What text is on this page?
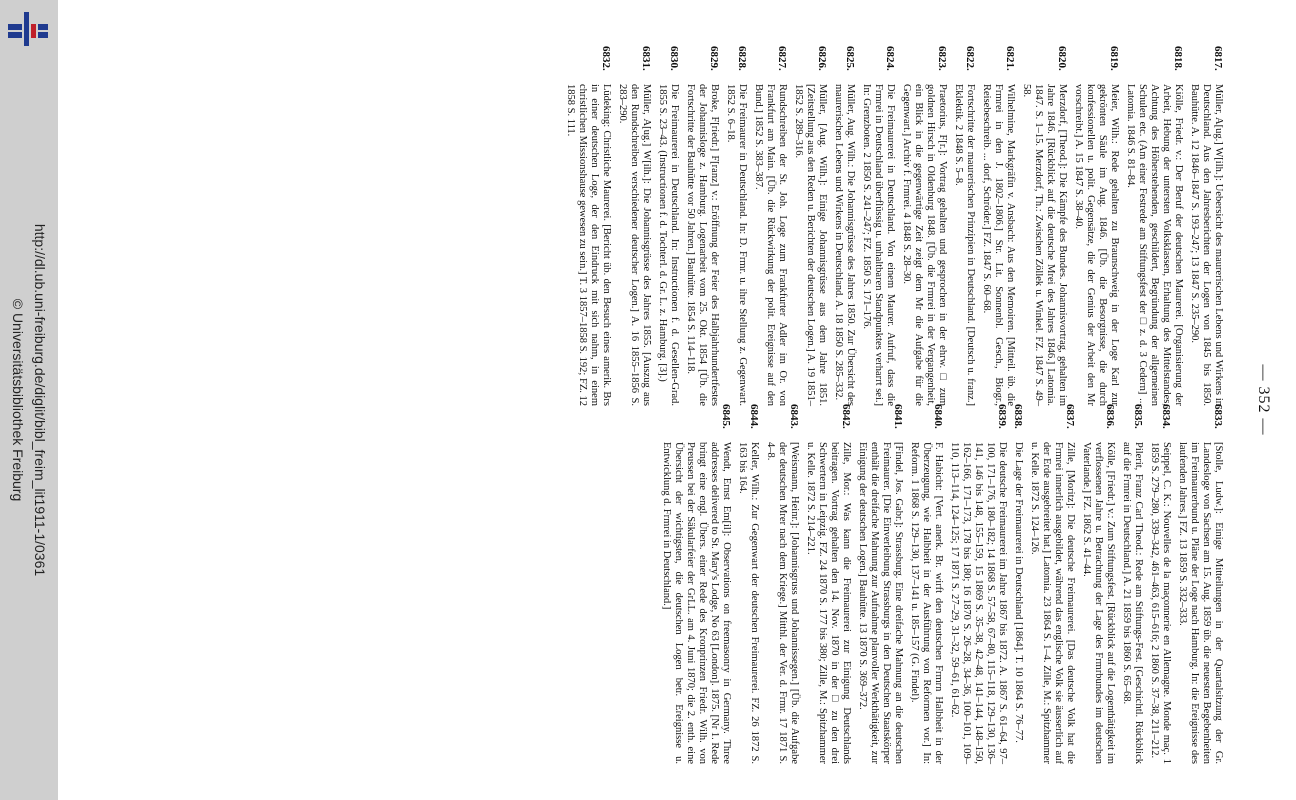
http://dl.ub.uni-freiburg.de/diglit/bibl_freim_lit1911-1/0361
© Universitätsbibliothek Freiburg	— 352 —
6817.
Müller, A[ug.] W[ilh.]: Uebersicht des maurerischen Lebens und Wirkens in Deutschland. Aus den Jahresberichten der Logen von 1845 bis 1850. Bauhütte. A. 12 1846–1847 S. 193–247; 13 1847 S. 235–290.
6818.
Kiölle, Friedr. v.: Der Beruf der deutschen Maurerei. [Organisierung der Arbeit, Hebung der untersten Volksklassen, Erhaltung des Mittelstandes, Achtung des Höherstehenden, geschildert, Begründung der allgemeinen Schulen etc. (Am einer Festrede am Stiftungsfest der □ z. d. 3 Cedern] ... Latomia. 1846 S. 81–84.
6819.
Meier, Wilh.: Rede gehalten zu Braunschweig in der Loge Karl zur gekrönten Säule im Aug. 1846. [Üb. die Besorgnisse, die durch konfessionellen u. polit. Gegensätze, die der Genius der Arbeit den Mr vorschreibt.] A. 15 1847 S. 38–40.
6820.
Merzdorf, [Theod.]: Die Kämpfe des Bundes. Johannisvortrag, gehalten im Jahre 1846. [Rückblick auf die deutsche Mrei des Jahres 1846.] Latomia. 1847. S. 1–15. Merzdorf, Th.: Zwischen Zöllek u. Winkel. FZ. 1847 S. 49–58.
6821.
Wilhelmine, Markgräfin v. Ansbach: Aus den Memoiren. [Mitteil. üb. die Frmrei in den J. 1802–1806.] Str. Lit. Sonnenbl. Gesch., Biogr., Reisebeschreib. ... dorf, Schröder.] FZ. 1847 S. 60–68.
6822.
Fortschritte der maurerischen Prinzipien in Deutschland. [Deutsch u. franz.] Eklektik. 2 1848 S. 5–8.
6823.
Praetorius, F[r.]: Vortrag gehalten und gesprochen in der ehrw. □ zum goldnen Hirsch in Oldenburg 1848. [Üb. die Frmrei in der Vergangenheit, ein Blick in die gegenwärtige Zeit zeigt dem Mr die Aufgabe für die Gegenwart.] Archiv f. Frmrei. 4 1848 S. 28–30.
6824.
Die Freimaurerei in Deutschland. Von einem Maurer. Aufruf, dass die Frmrei in Deutschland überflüssig u. unhaltbaren Standpunktes verharrt sei.] In: Grenzboten. 2 1850 S. 241–247; FZ. 1850 S. 171–176.
6825.
Müller, Aug. Wilh.: Die Johannisgrüsse des Jahres 1850. Zur Übersicht des maurerischen Lebens und Wirkens in Deutschland. A. 18 1850 S. 285–332.
6826.
Müller, [Aug. Wilh.]: Einige Johannisgrüsse aus dem Jahre 1851. [Zeitstellung aus den Reden u. Berichten der deutschen Logen.] A. 19 1851–1852 S. 289–316.
6827.
Rundschreiben der St. Joh. Loge zum Frankfurter Adler im Or. von Frankfurt am Main. [Üb. die Rückwirkung der polit. Ereignisse auf den Bund.] 1852 S. 383–387.
6828.
Die Freimaurer in Deutschland. In: D. Frmr. u. ihre Stellung z. Gegenwart. 1852 S. 6–18.
6829.
Broke, F[riedr.] F[ranz] v.: Eröffnung der Feier des Halbjahrhundertfestes der Johannisloge z. Hamburg. Logenarbeit vom 25. Okt. 1854 [Üb. die Fortschritte der Bauhütte vor 50 Jahren.] Bauhütte. 1854 S. 114–118.
6830.
Die Freimaurerei in Deutschland. In: Instructionen f. d. Gesellen-Grad. 1855 S. 23–43. (Instructionen f. d. Tochterl. d. Gr. L. z. Hamburg. [3].)
6831.
Müller, A[ug.] W[ilh.]: Die Johannisgrüsse des Jahres 1855. [Auszug aus den Rundschreiben verschiedener deutscher Logen.] A. 16 1855–1856 S. 283–290.
6832.
Lüdeking: Christliche Maurerei. [Bericht üb. den Besuch eines amerik. Brs in einer deutschen Loge, der den Eindruck mit sich nahm, in einem christlichen Missionshause gewesen zu sein.] T. 3 1857–1858 S. 192; FZ. 12 1858 S. 111.
6833.
[Stolle, Ludw.]: Einige Mitteilungen in der Quartalsitzung der Gr. Landesloge von Sachsen am 15. Aug. 1859 üb. die neuesten Begebenheiten im Freimaurerbund u. Pläne der Loge nach Hamburg. In: die Ereignisse des laufenden Jahres.] FZ. 13 1859 S. 332–333.
6834.
Seippel, C. K.: Nouvelles de la maçonnerie en Allemagne. Monde maç. 1 1859 S. 279–280, 339–342, 461–463, 615–616; 2 1860 S. 37–38, 211–212.
6835.
Pilerit, Franz Carl Theod.: Rede am Stiftungs-Fest. [Geschichtl. Rückblick auf die Frmrei in Deutschland.] A. 21 1859 bis 1860 S. 65–68.
6836.
Kölle, [Friedr.] v.: Zum Stiftungsfest. [Rückblick auf die Logenthätigkeit im verflossenen Jahre u. Betrachtung der Lage des Frmrbundes im deutschen Vaterlande.] FZ. 1862 S. 41–44.
6837.
Zille, [Moritz]: Die deutsche Freimaurerei. [Das deutsche Volk hat die Frmrei innerlich ausgebildet, während das englische Volk sie äusserlich auf der Erde ausgebreitet hat.] Latomia. 23 1864 S. 1–4. Zille, M.: Spitzhammer u. Kelle. 1872 S. 124–126.
6838.
Die Lage der Freimaurerei in Deutschland [1864]. T. 10 1864 S. 76–77.
6839.
Die deutsche Freimaurerei im Jahre 1867 bis 1872. A. 1867 S. 61–64, 97–100, 171–176, 180–182; 14 1868 S. 57–58, 67–80, 115–118, 129–130, 136–141, 146 bis 148, 155–159, 15 1869 S. 35–38, 42–48, 141–144, 148–150, 162–166, 171–173, 178 bis 180; 16 1870 S. 26–28, 34–36, 100–101, 109–110, 113–114, 124–125; 17 1871 S. 27–29, 31–32, 59–61, 61–62.
6840.
F. Habicht: [Vert. anerk. Br. wirft den deutschen Frmrn Halbheit in der Überzeugung, wie Halbheit in der Ausführung von Reformen vor.] In: Reform. 1 1868 S. 129–130, 137–141 u. 185–157 (G. Findel).
6841.
[Findel, Jos. Gabr.]: Strassburg. Eine dreifache Mahnung an die deutschen Freimaurer. [Die Einverleibung Strassburgs in den Deutschen Staatskörper enthält die dreifache Mahnung zur Aufnahme planvoller Werkthätigkeit, zur Einigung der deutschen Logen.] Bauhütte. 13 1870 S. 369–372.
6842.
Zille, Mor.: Was kann die Freimaurerei zur Einigung Deutschlands beitragen. Vortrag gehalten den 14. Nov. 1870 in der □ zu den drei Schwertern in Leipzig. FZ. 24 1870 S. 177 bis 380; Zille, M.: Spitzhammer u. Kelle. 1872 S. 214–221.
6843.
[Weismann, Heinr.]: [Johannisgruss und Johannissegen.] [Üb. die Aufgabe der deutschen Mrer nach dem Kriege.] Mitthl. der Ver. d. Frmr. 17 1871 S. 4–8.
6844.
Keller, Wilh.: Zur Gegenwart der deutschen Freimaurerei. FZ. 26 1872 S. 163 bis 164.
6845.
Wendt, Ernst Em[il]: Observations on freemasonry in Germany. Three addresses delivered to St. Mary's Lodge, No 63 [London]. 1875. [Nr 1. Rede bringt eine engl. Übers. einer Rede des Kronprinzen Friedr. Wilh. von Preussen bei der Säkularfeier der GrLL. am 4. Juni 1870; die 2. enth. eine Übersicht der wichtigsten, die deutschen Logen betr. Ereignisse u. Entwicklung d. Frmrei in Deutschland.]
